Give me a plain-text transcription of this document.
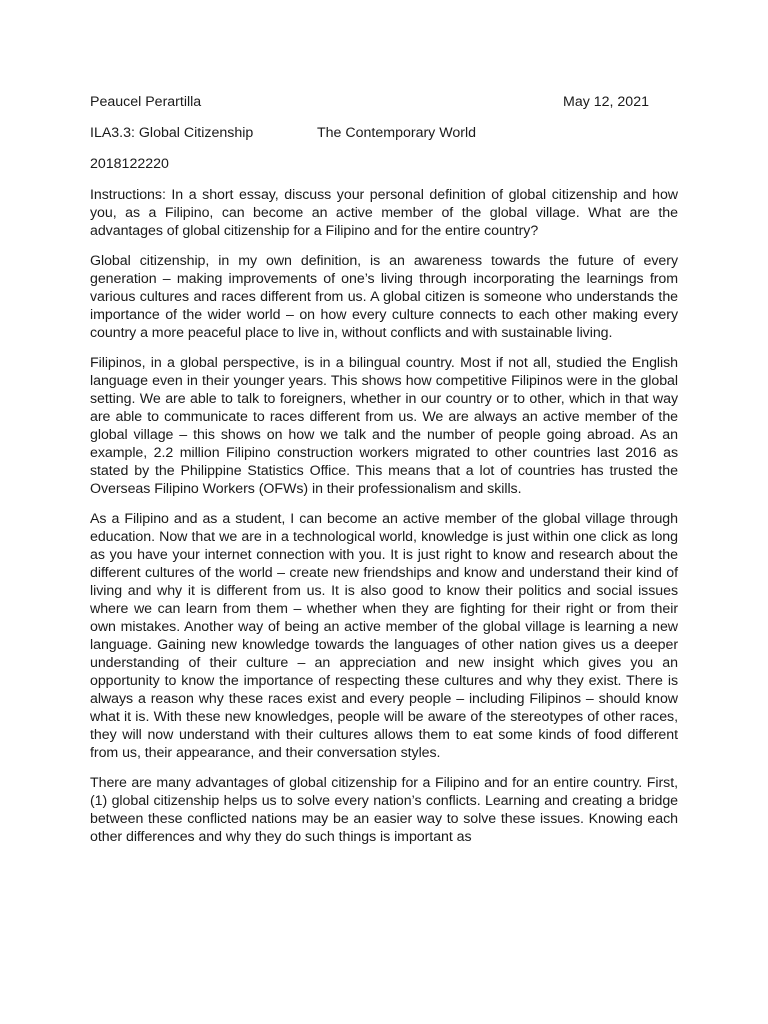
Peaucel Perartilla	May 12, 2021
ILA3.3: Global Citizenship	The Contemporary World
2018122220

Instructions: In a short essay, discuss your personal definition of global citizenship and how you, as a Filipino, can become an active member of the global village. What are the advantages of global citizenship for a Filipino and for the entire country?

Global citizenship, in my own definition, is an awareness towards the future of every generation – making improvements of one’s living through incorporating the learnings from various cultures and races different from us. A global citizen is someone who understands the importance of the wider world – on how every culture connects to each other making every country a more peaceful place to live in, without conflicts and with sustainable living.

Filipinos, in a global perspective, is in a bilingual country. Most if not all, studied the English language even in their younger years. This shows how competitive Filipinos were in the global setting. We are able to talk to foreigners, whether in our country or to other, which in that way are able to communicate to races different from us. We are always an active member of the global village – this shows on how we talk and the number of people going abroad. As an example, 2.2 million Filipino construction workers migrated to other countries last 2016 as stated by the Philippine Statistics Office. This means that a lot of countries has trusted the Overseas Filipino Workers (OFWs) in their professionalism and skills.

As a Filipino and as a student, I can become an active member of the global village through education. Now that we are in a technological world, knowledge is just within one click as long as you have your internet connection with you. It is just right to know and research about the different cultures of the world – create new friendships and know and understand their kind of living and why it is different from us. It is also good to know their politics and social issues where we can learn from them – whether when they are fighting for their right or from their own mistakes. Another way of being an active member of the global village is learning a new language. Gaining new knowledge towards the languages of other nation gives us a deeper understanding of their culture – an appreciation and new insight which gives you an opportunity to know the importance of respecting these cultures and why they exist. There is always a reason why these races exist and every people – including Filipinos – should know what it is. With these new knowledges, people will be aware of the stereotypes of other races, they will now understand with their cultures allows them to eat some kinds of food different from us, their appearance, and their conversation styles.

There are many advantages of global citizenship for a Filipino and for an entire country. First, (1) global citizenship helps us to solve every nation’s conflicts. Learning and creating a bridge between these conflicted nations may be an easier way to solve these issues. Knowing each other differences and why they do such things is important as
